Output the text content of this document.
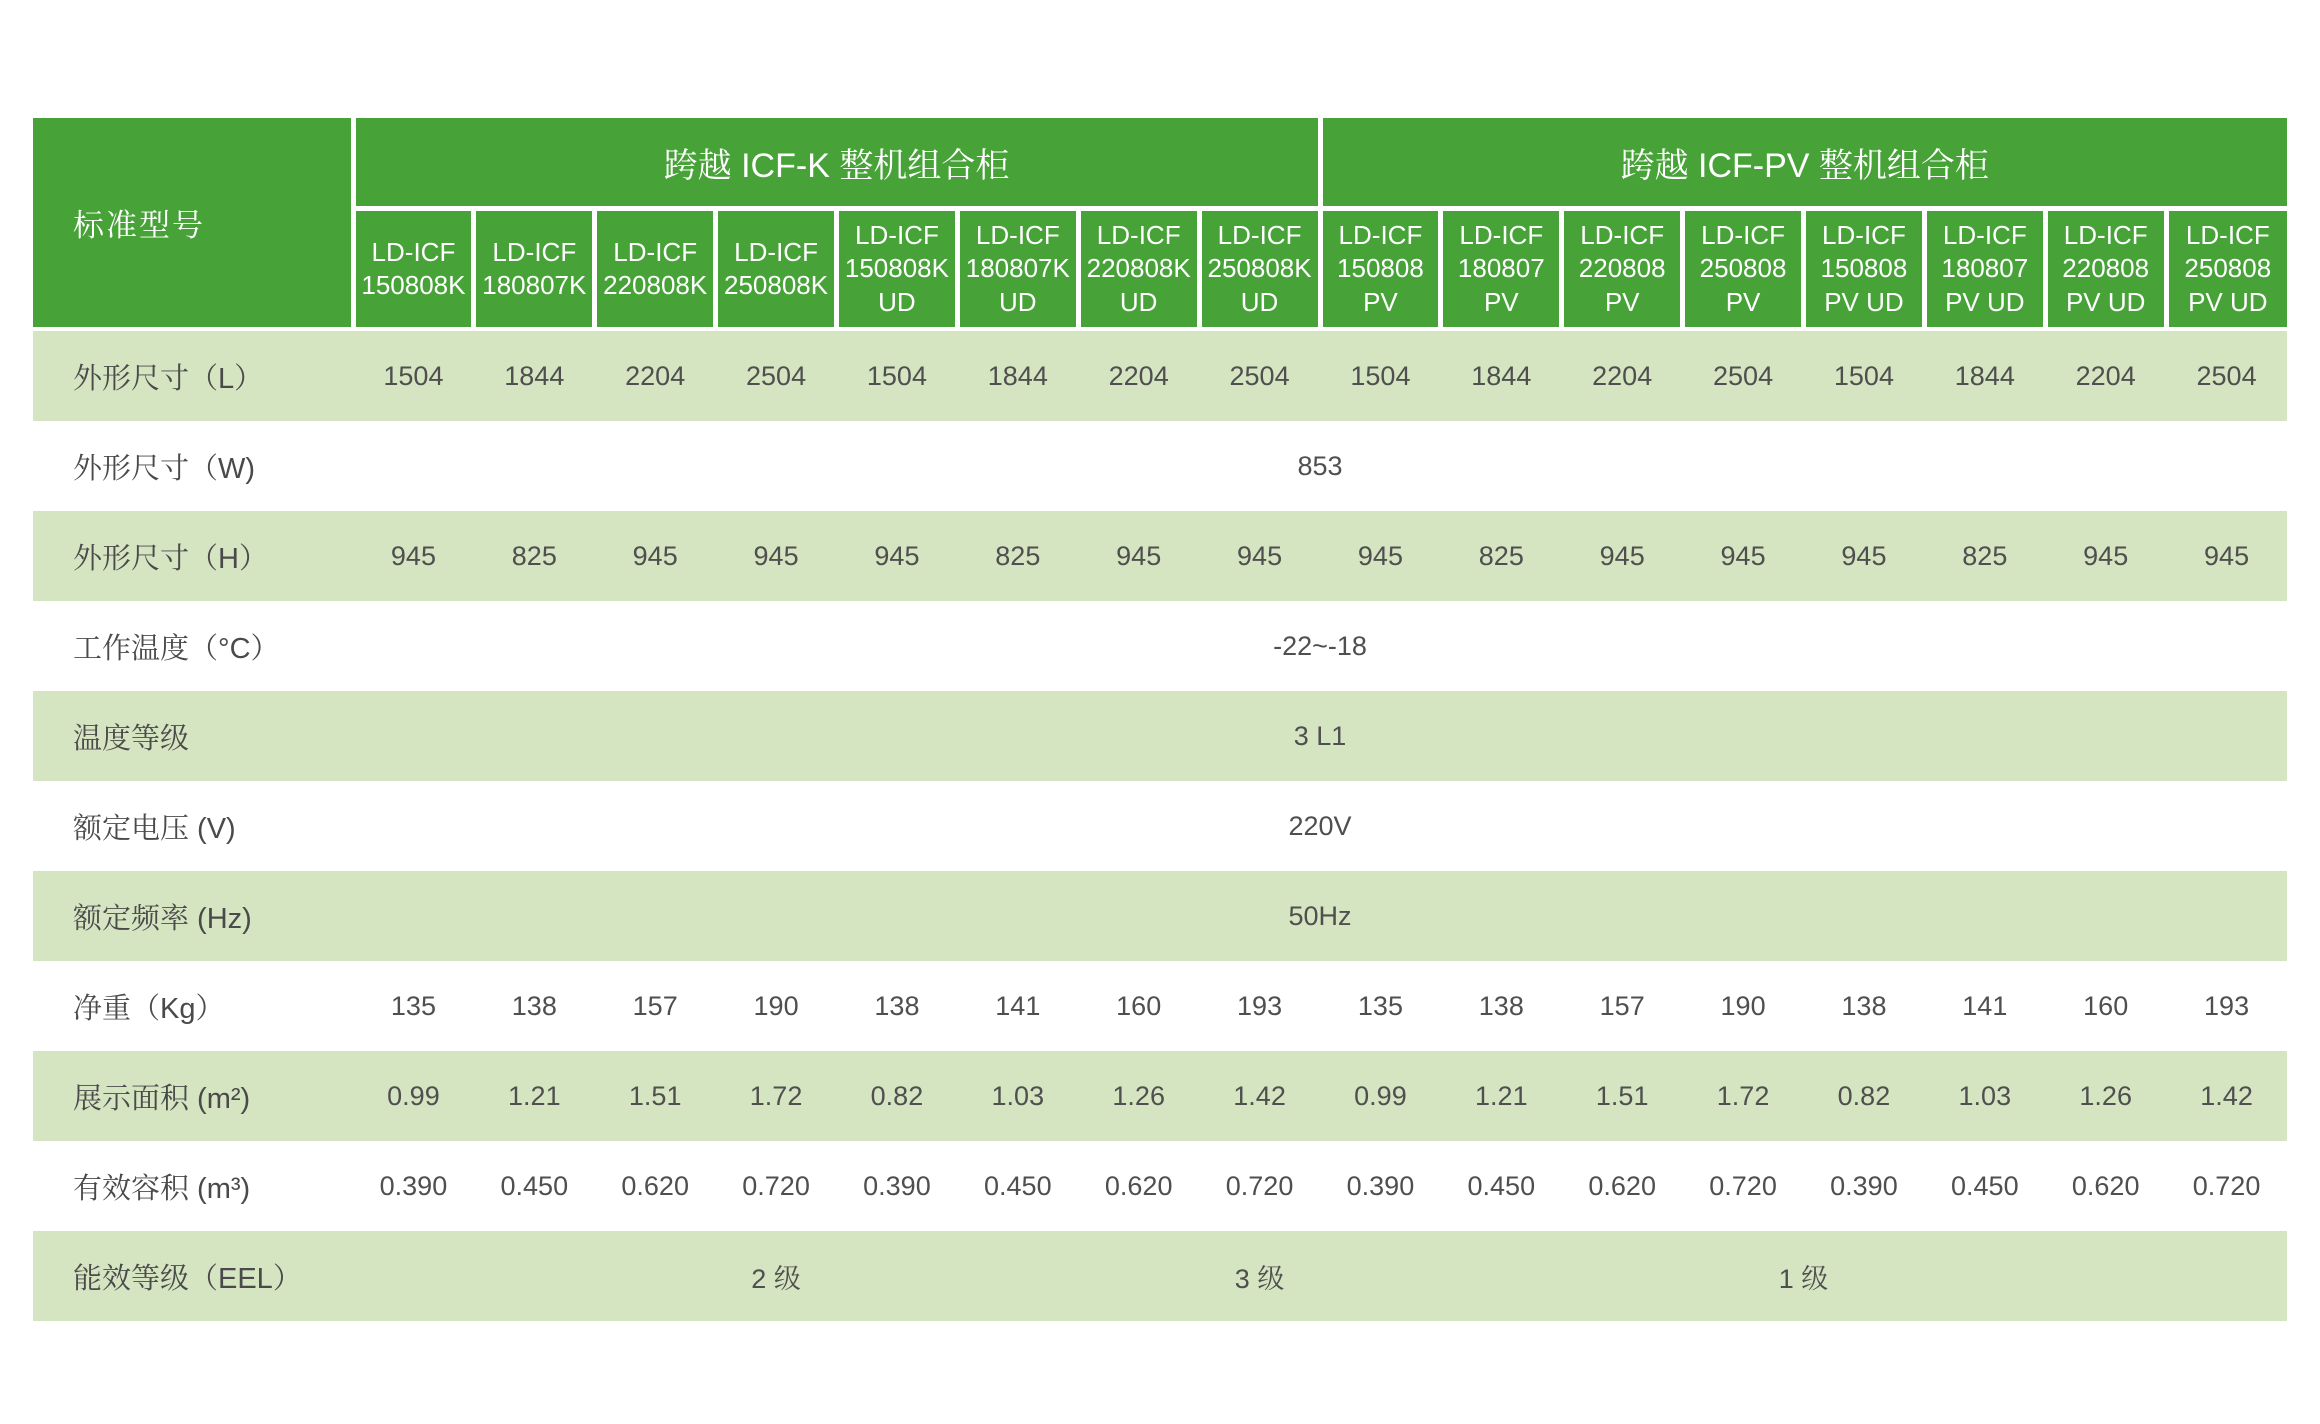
标准型号	跨越 ICF-K 整机组合柜								跨越 ICF-PV 整机组合柜							
	LD-ICF 150808K	LD-ICF 180807K	LD-ICF 220808K	LD-ICF 250808K	LD-ICF 150808K UD	LD-ICF 180807K UD	LD-ICF 220808K UD	LD-ICF 250808K UD	LD-ICF 150808 PV	LD-ICF 180807 PV	LD-ICF 220808 PV	LD-ICF 250808 PV	LD-ICF 150808 PV UD	LD-ICF 180807 PV UD	LD-ICF 220808 PV UD	LD-ICF 250808 PV UD
外形尺寸（L）	1504	1844	2204	2504	1504	1844	2204	2504	1504	1844	2204	2504	1504	1844	2204	2504
外形尺寸（W)	853															
外形尺寸（H）	945	825	945	945	945	825	945	945	945	825	945	945	945	825	945	945
工作温度（°C）	-22~-18															
温度等级	3 L1															
额定电压 (V)	220V															
额定频率 (Hz)	50Hz															
净重（Kg）	135	138	157	190	138	141	160	193	135	138	157	190	138	141	160	193
展示面积 (m²)	0.99	1.21	1.51	1.72	0.82	1.03	1.26	1.42	0.99	1.21	1.51	1.72	0.82	1.03	1.26	1.42
有效容积 (m³)	0.390	0.450	0.620	0.720	0.390	0.450	0.620	0.720	0.390	0.450	0.620	0.720	0.390	0.450	0.620	0.720
能效等级（EEL）	2 级							3 级	1 级							
